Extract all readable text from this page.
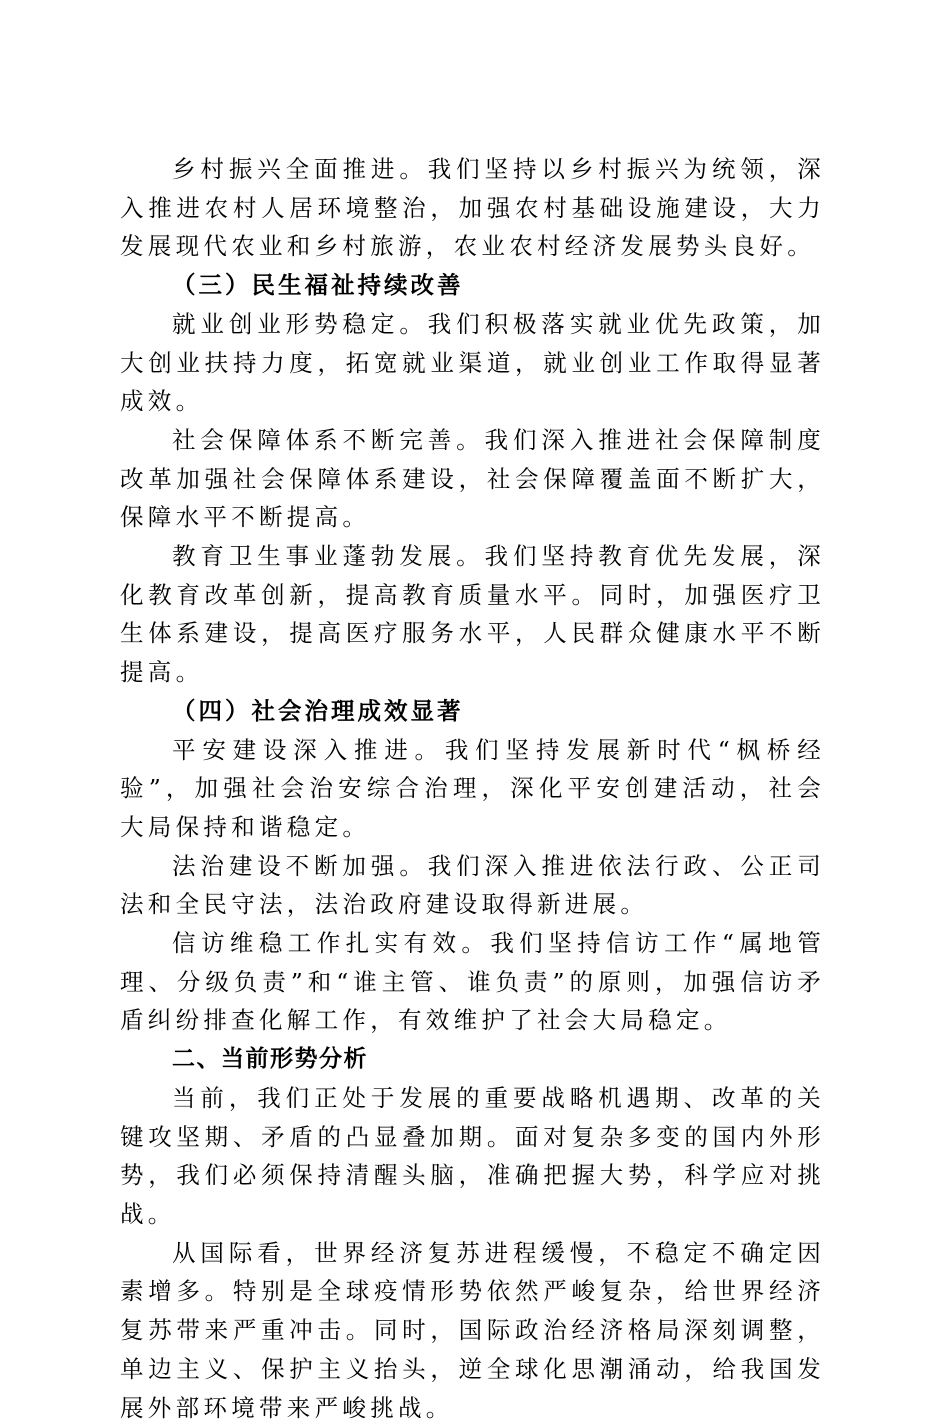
乡村振兴全面推进。我们坚持以乡村振兴为统领，深入推进农村人居环境整治，加强农村基础设施建设，大力发展现代农业和乡村旅游，农业农村经济发展势头良好。

（三）民生福祉持续改善

就业创业形势稳定。我们积极落实就业优先政策，加大创业扶持力度，拓宽就业渠道，就业创业工作取得显著成效。

社会保障体系不断完善。我们深入推进社会保障制度改革加强社会保障体系建设，社会保障覆盖面不断扩大，保障水平不断提高。

教育卫生事业蓬勃发展。我们坚持教育优先发展，深化教育改革创新，提高教育质量水平。同时，加强医疗卫生体系建设，提高医疗服务水平，人民群众健康水平不断提高。

（四）社会治理成效显著

平安建设深入推进。我们坚持发展新时代“枫桥经验”，加强社会治安综合治理，深化平安创建活动，社会大局保持和谐稳定。

法治建设不断加强。我们深入推进依法行政、公正司法和全民守法，法治政府建设取得新进展。

信访维稳工作扎实有效。我们坚持信访工作“属地管理、分级负责”和“谁主管、谁负责”的原则，加强信访矛盾纠纷排查化解工作，有效维护了社会大局稳定。

二、当前形势分析

当前，我们正处于发展的重要战略机遇期、改革的关键攻坚期、矛盾的凸显叠加期。面对复杂多变的国内外形势，我们必须保持清醒头脑，准确把握大势，科学应对挑战。

从国际看，世界经济复苏进程缓慢，不稳定不确定因素增多。特别是全球疫情形势依然严峻复杂，给世界经济复苏带来严重冲击。同时，国际政治经济格局深刻调整，单边主义、保护主义抬头，逆全球化思潮涌动，给我国发展外部环境带来严峻挑战。
